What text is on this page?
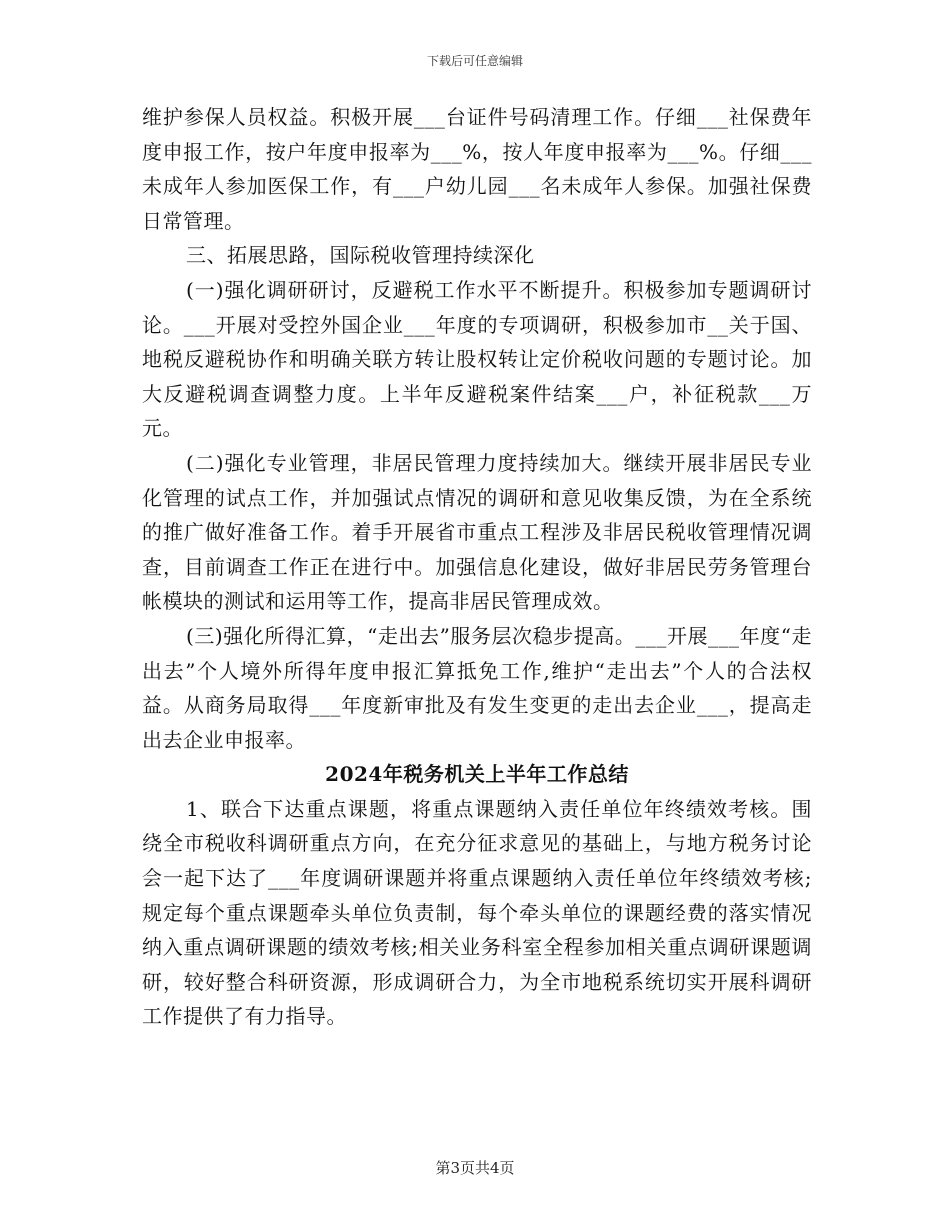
下载后可任意编辑

维护参保人员权益。积极开展___台证件号码清理工作。仔细___社保费年度申报工作，按户年度申报率为___%，按人年度申报率为___%。仔细___未成年人参加医保工作，有___户幼儿园___名未成年人参保。加强社保费日常管理。

三、拓展思路，国际税收管理持续深化

(一)强化调研研讨，反避税工作水平不断提升。积极参加专题调研讨论。___开展对受控外国企业___年度的专项调研，积极参加市__关于国、地税反避税协作和明确关联方转让股权转让定价税收问题的专题讨论。加大反避税调查调整力度。上半年反避税案件结案___户，补征税款___万元。

(二)强化专业管理，非居民管理力度持续加大。继续开展非居民专业化管理的试点工作，并加强试点情况的调研和意见收集反馈，为在全系统的推广做好准备工作。着手开展省市重点工程涉及非居民税收管理情况调查，目前调查工作正在进行中。加强信息化建设，做好非居民劳务管理台帐模块的测试和运用等工作，提高非居民管理成效。

(三)强化所得汇算，“走出去”服务层次稳步提高。___开展___年度“走出去”个人境外所得年度申报汇算抵免工作,维护“走出去”个人的合法权益。从商务局取得___年度新审批及有发生变更的走出去企业___，提高走出去企业申报率。

2024年税务机关上半年工作总结

1、联合下达重点课题，将重点课题纳入责任单位年终绩效考核。围绕全市税收科调研重点方向，在充分征求意见的基础上，与地方税务讨论会一起下达了___年度调研课题并将重点课题纳入责任单位年终绩效考核;规定每个重点课题牵头单位负责制，每个牵头单位的课题经费的落实情况纳入重点调研课题的绩效考核;相关业务科室全程参加相关重点调研课题调研，较好整合科研资源，形成调研合力，为全市地税系统切实开展科调研工作提供了有力指导。

第3页共4页
